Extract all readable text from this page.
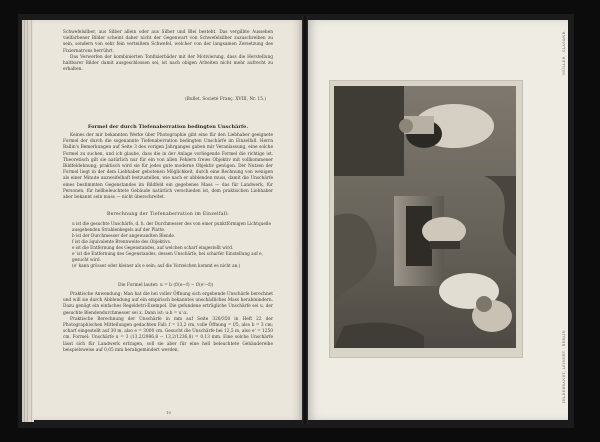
Schwefelsilber, aus Silber allein oder aus Silber und Blei besteht. Das vergilbte Aussehen vielfarbener Bilder scheint daher nicht der Gegenwart von Schwefelsilber zuzuschreiben zu sein, sondern von sehr fein verteiltem Schwefel, welcher von der langsamen Zersetzung des Fixiernatrons herrührt.

Das Verwerfen der kombinierten Tonfixierbäder mit der Motivierung, dass die Herstellung haltbarer Bilder damit ausgeschlossen sei, ist nach obigen Arbeiten nicht mehr aufrecht zu erhalten.

(Bullet. Societé Franç. XVIII, Nr. 15.)
Formel der durch Tiefenaberration bedingten Unschärfe.
Keines der mir bekannten Werke über Photographie gibt eine für den Liebhaber geeignete Formel der durch die sogenannte Tiefenaberration bedingten Unschärfe im Einzelfall. Herrn Ballin's Bemerkungen auf Seite 3 des vorigen Jahrganges gaben mir Veranlassung, eine solche Formel zu suchen, und ich glaube, dass die in der Anlage vorliegende Formel die richtige ist. Theoretisch gilt sie natürlich nur für ein von allen Fehlern freies Objektiv mit vollkommener Bildfeldebnung; praktisch wird sie für jedes gute moderne Objektiv genügen. Der Nutzen der Formel liegt in der dem Liebhaber gebotenen Möglichkeit, durch eine Rechnung von wenigen als einer Minute unzweifelhaft festzustellen, wie nach er abblenden muss, damit die Unschärfe eines bestimmten Gegenstandes im Bildfeld ein gegebenes Mass — das für Landwerk, für Personen, für hellbeleuchtete Gebäude natürlich verschieden ist, dem praktischen Liebhaber aber bekannt sein muss — nicht überschreitet.
Berechnung der Tiefenaberration im Einzelfall:
u ist die gesuchte Unschärfe, d. h. der Durchmesser des von einer punktförmigen Lichtquelle ausgehenden Strahlenkegels auf der Platte.
b ist der Durchmesser der angewandten Blende.
f ist die äquivalente Brennweite des Objektivs.
e ist die Entfernung des Gegenstandes, auf welchen scharf eingestellt wird.
e' ist die Entfernung des Gegenstandes, dessen Unschärfe, bei scharfer Einstellung auf e, gesucht wird.
(e' kann grösser oder kleiner als e sein; auf die Vorzeichen kommt es nicht an.)
Die Formel lautet: u = b (f/(e−f) − f/(e'−f))

Praktische Anwendung: Man hat die bei voller Öffnung sich ergebende Unschärfe berechnet und will sie durch Abblendung auf ein empirisch bekanntes unschädliches Mass herabmindern. Dazu genügt ein einfaches Regeldetri-Exempel. Die gefundene erträgliche Unschärfe sei u, der gesuchte Blendendurchmesser sei x. Dann ist: u:b = u':x.

Praktische Berechnung der Unschärfe in mm auf Seite 320/350 in Heft 22 der Photographischen Mitteilungen gedachten Fall: f = 13,2 cm, volle Öffnung = f/5, also b = 3 cm; scharf eingestellt auf 30 m, also e = 3000 cm. Gesucht die Unschärfe bei 12,5 m, also e' = 1250 cm. Formel: Unschärfe u = 3 (13,2/2986,8 − 13,2/1236,8) = 0,13 mm. Eine solche Unschärfe lässt sich für Landwerk ertragen, soll sie aber für eine hell beleuchtete Gebäudereihe beispielsweise auf 0,05 mm herabgemindert werden,

10
MÜLLER · GLAS&NR.
HILDEBRANDT, LEINERT · BERLIN
